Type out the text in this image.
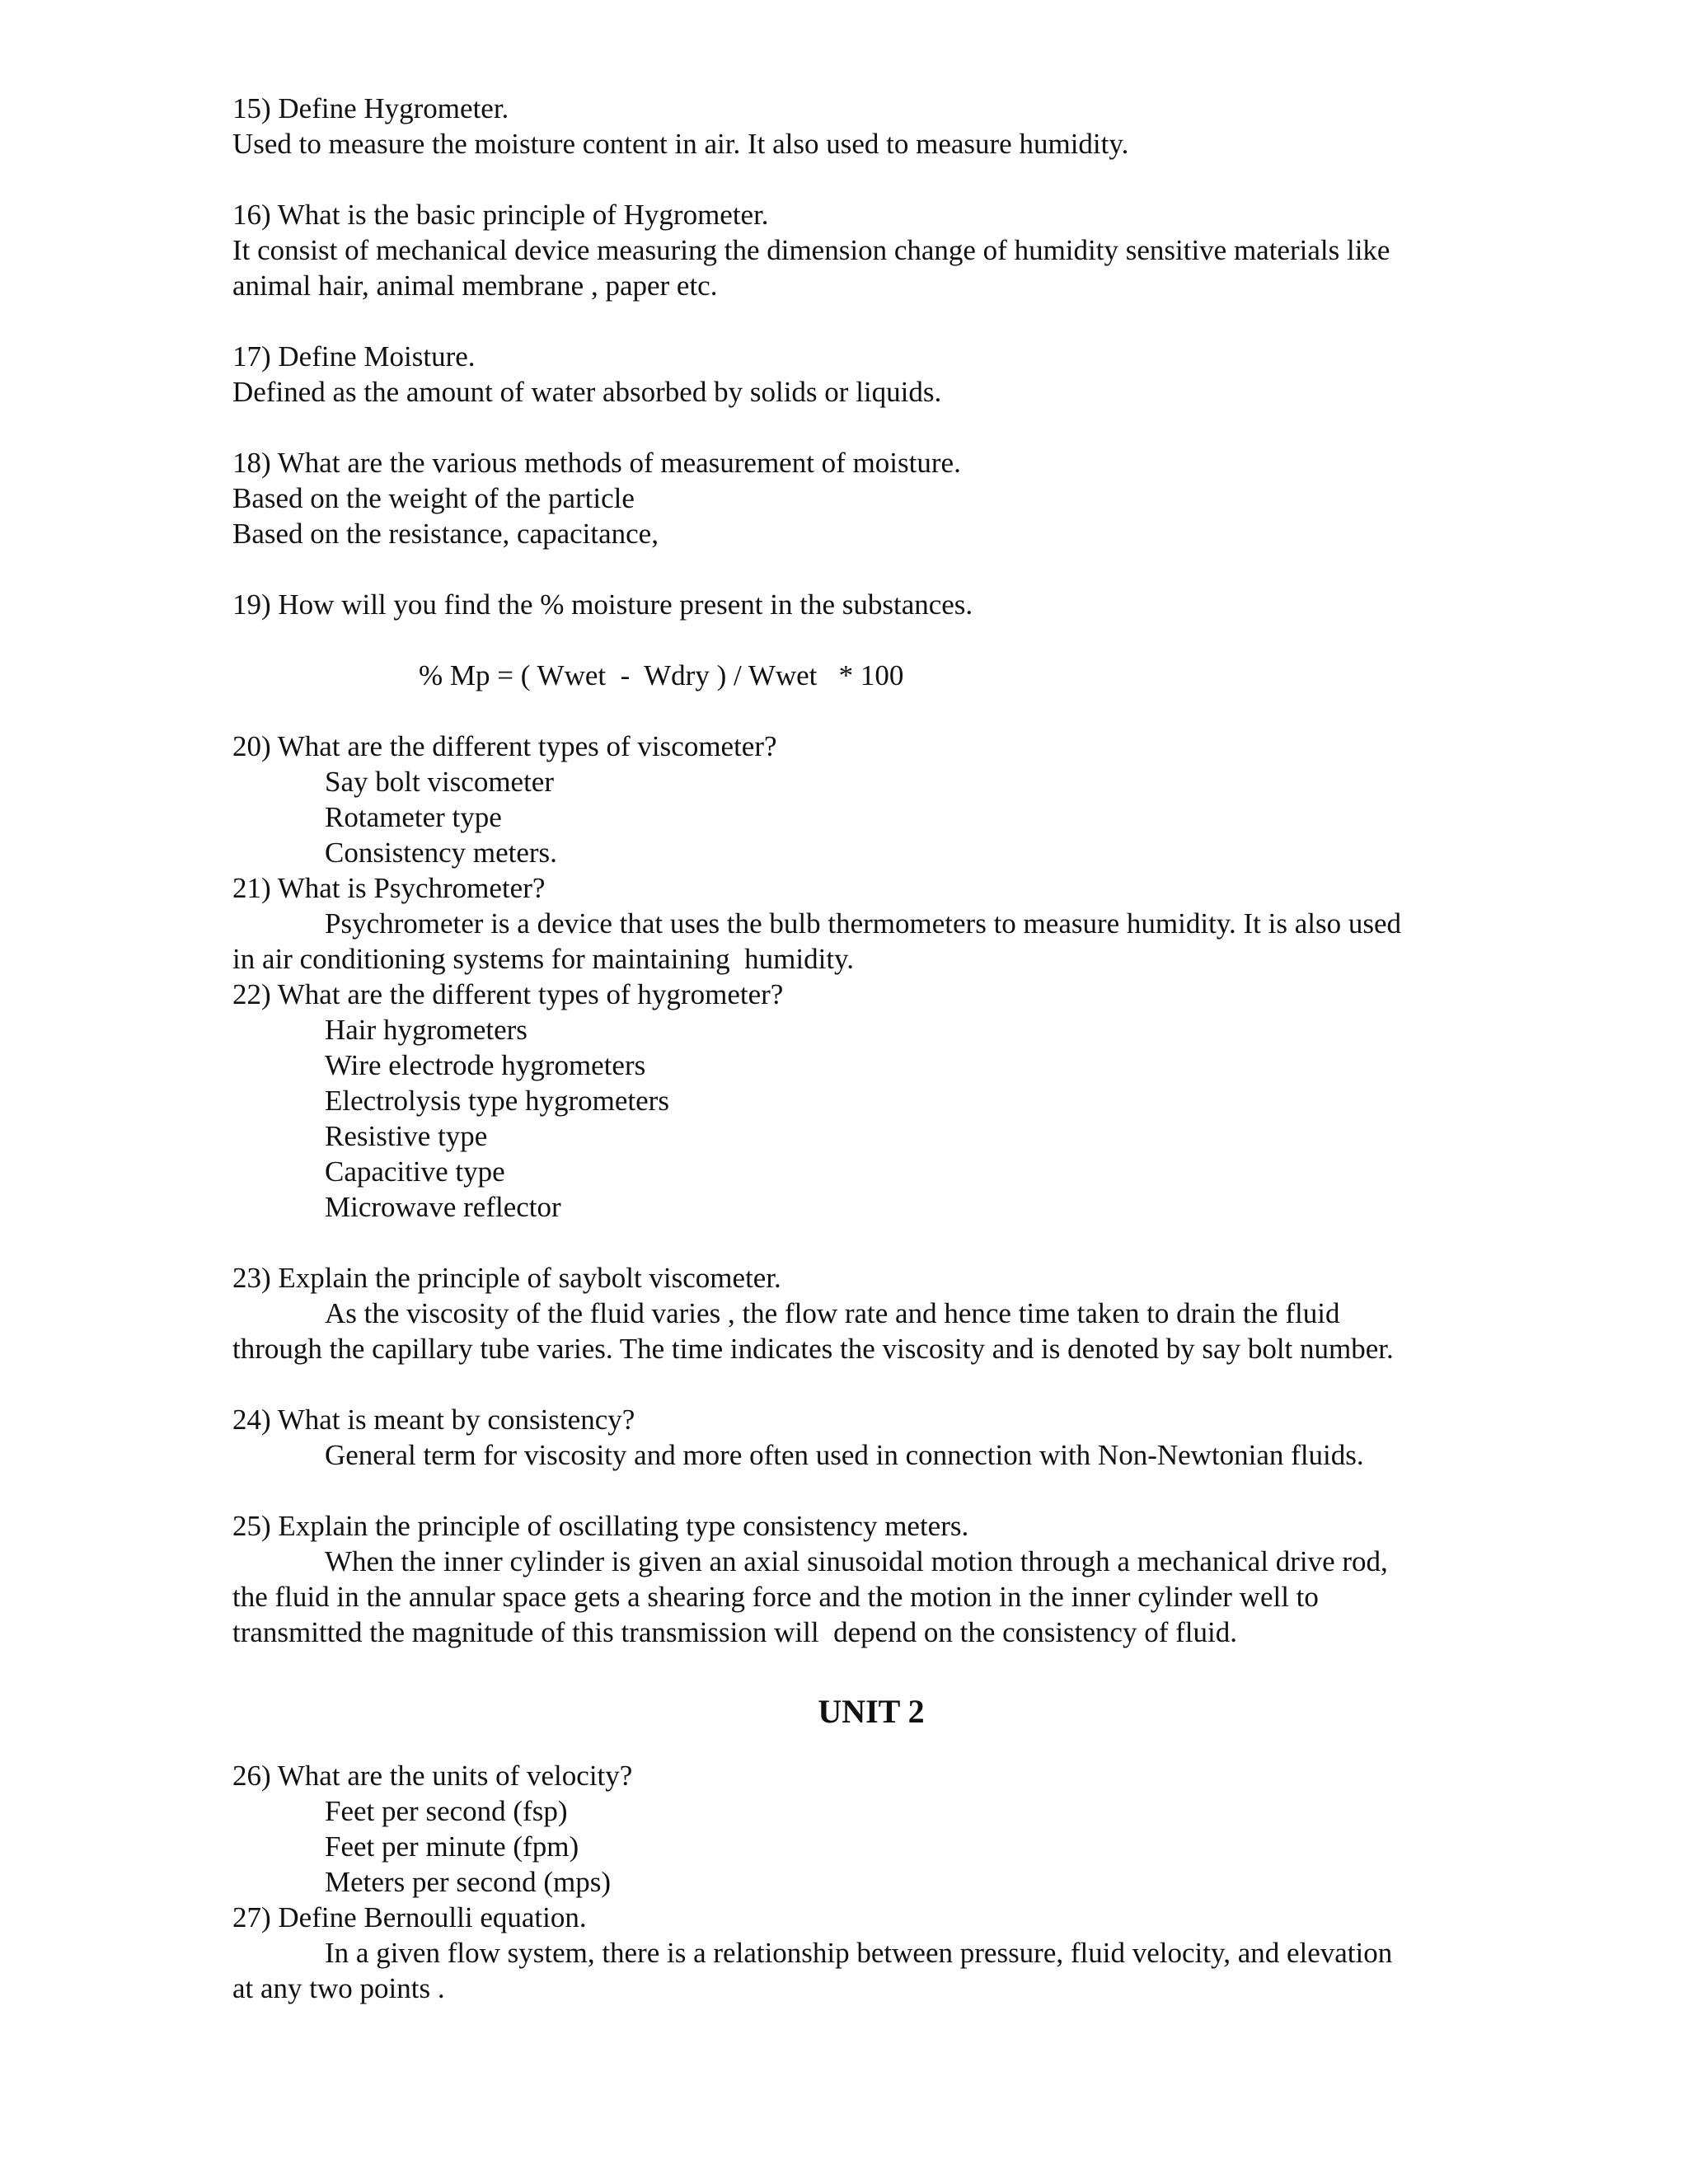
15) Define Hygrometer.
Used to measure the moisture content in air. It also used to measure humidity.
16) What is the basic principle of Hygrometer.
It consist of mechanical device measuring the dimension change of humidity sensitive materials like
animal hair, animal membrane , paper etc.
17) Define Moisture.
Defined as the amount of water absorbed by solids or liquids.
18) What are the various methods of measurement of moisture.
Based on the weight of the particle
Based on the resistance, capacitance,
19) How will you find the % moisture present in the substances.
% Mp = ( Wwet  -  Wdry ) / Wwet   * 100
20) What are the different types of viscometer?
Say bolt viscometer
Rotameter type
Consistency meters.
21) What is Psychrometer?
Psychrometer is a device that uses the bulb thermometers to measure humidity. It is also used
in air conditioning systems for maintaining  humidity.
22) What are the different types of hygrometer?
Hair hygrometers
Wire electrode hygrometers
Electrolysis type hygrometers
Resistive type
Capacitive type
Microwave reflector
23) Explain the principle of saybolt viscometer.
As the viscosity of the fluid varies , the flow rate and hence time taken to drain the fluid
through the capillary tube varies. The time indicates the viscosity and is denoted by say bolt number.
24) What is meant by consistency?
General term for viscosity and more often used in connection with Non-Newtonian fluids.
25) Explain the principle of oscillating type consistency meters.
When the inner cylinder is given an axial sinusoidal motion through a mechanical drive rod,
the fluid in the annular space gets a shearing force and the motion in the inner cylinder well to
transmitted the magnitude of this transmission will  depend on the consistency of fluid.
UNIT 2
26) What are the units of velocity?
Feet per second (fsp)
Feet per minute (fpm)
Meters per second (mps)
27) Define Bernoulli equation.
In a given flow system, there is a relationship between pressure, fluid velocity, and elevation
at any two points .
